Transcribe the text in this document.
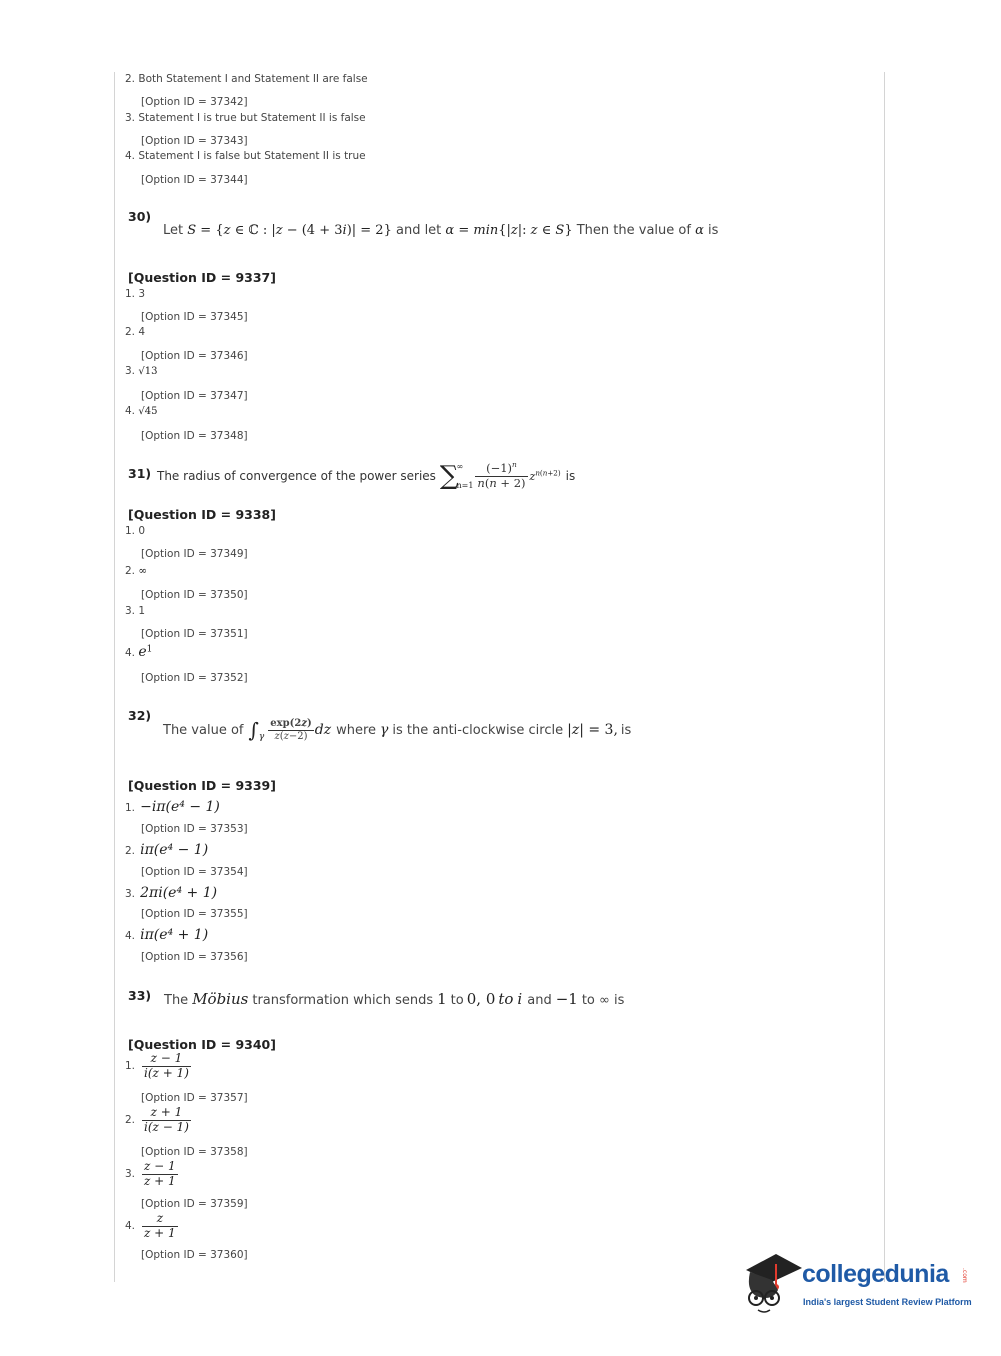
2. Both Statement I and Statement II are false
[Option ID = 37342]
3. Statement I is true but Statement II is false
[Option ID = 37343]
4. Statement I is false but Statement II is true
[Option ID = 37344]
30)
Let S = {z ∈ ℂ : |z − (4 + 3i)| = 2} and let α = min{|z|: z ∈ S} Then the value of α is
[Question ID = 9337]
1. 3
[Option ID = 37345]
2. 4
[Option ID = 37346]
3. √13
[Option ID = 37347]
4. √45
[Option ID = 37348]
31) The radius of convergence of the power series ∑
∞
$n=1 \frac{(-1)^n}{n(n + 2)} z^{n(n+2)}$ is
[Question ID = 9338]
1. 0
[Option ID = 37349]
2. ∞
[Option ID = 37350]
3. 1
[Option ID = 37351]
4. $e^1$
[Option ID = 37352]
32)
The value of ∫ γ $\frac{\exp(2z)}{z(z-2)}$ dz where γ is the anti-clockwise circle |z| = 3, is
[Question ID = 9339]
1. −iπ(e⁴ − 1)
[Option ID = 37353]
2. iπ(e⁴ − 1)
[Option ID = 37354]
3. 2πi(e⁴ + 1)
[Option ID = 37355]
4. iπ(e⁴ + 1)
[Option ID = 37356]
33) The Möbius transformation which sends 1 to 0, 0 to i and −1 to ∞ is
[Question ID = 9340]
1. $\frac{z - 1}{i(z + 1)}$
[Option ID = 37357]
2. $\frac{z + 1}{i(z - 1)}$
[Option ID = 37358]
3. $\frac{z - 1}{z + 1}$
[Option ID = 37359]
4. $\frac{z}{z + 1}$
[Option ID = 37360]
collegedunia .com
India's largest Student Review Platform
